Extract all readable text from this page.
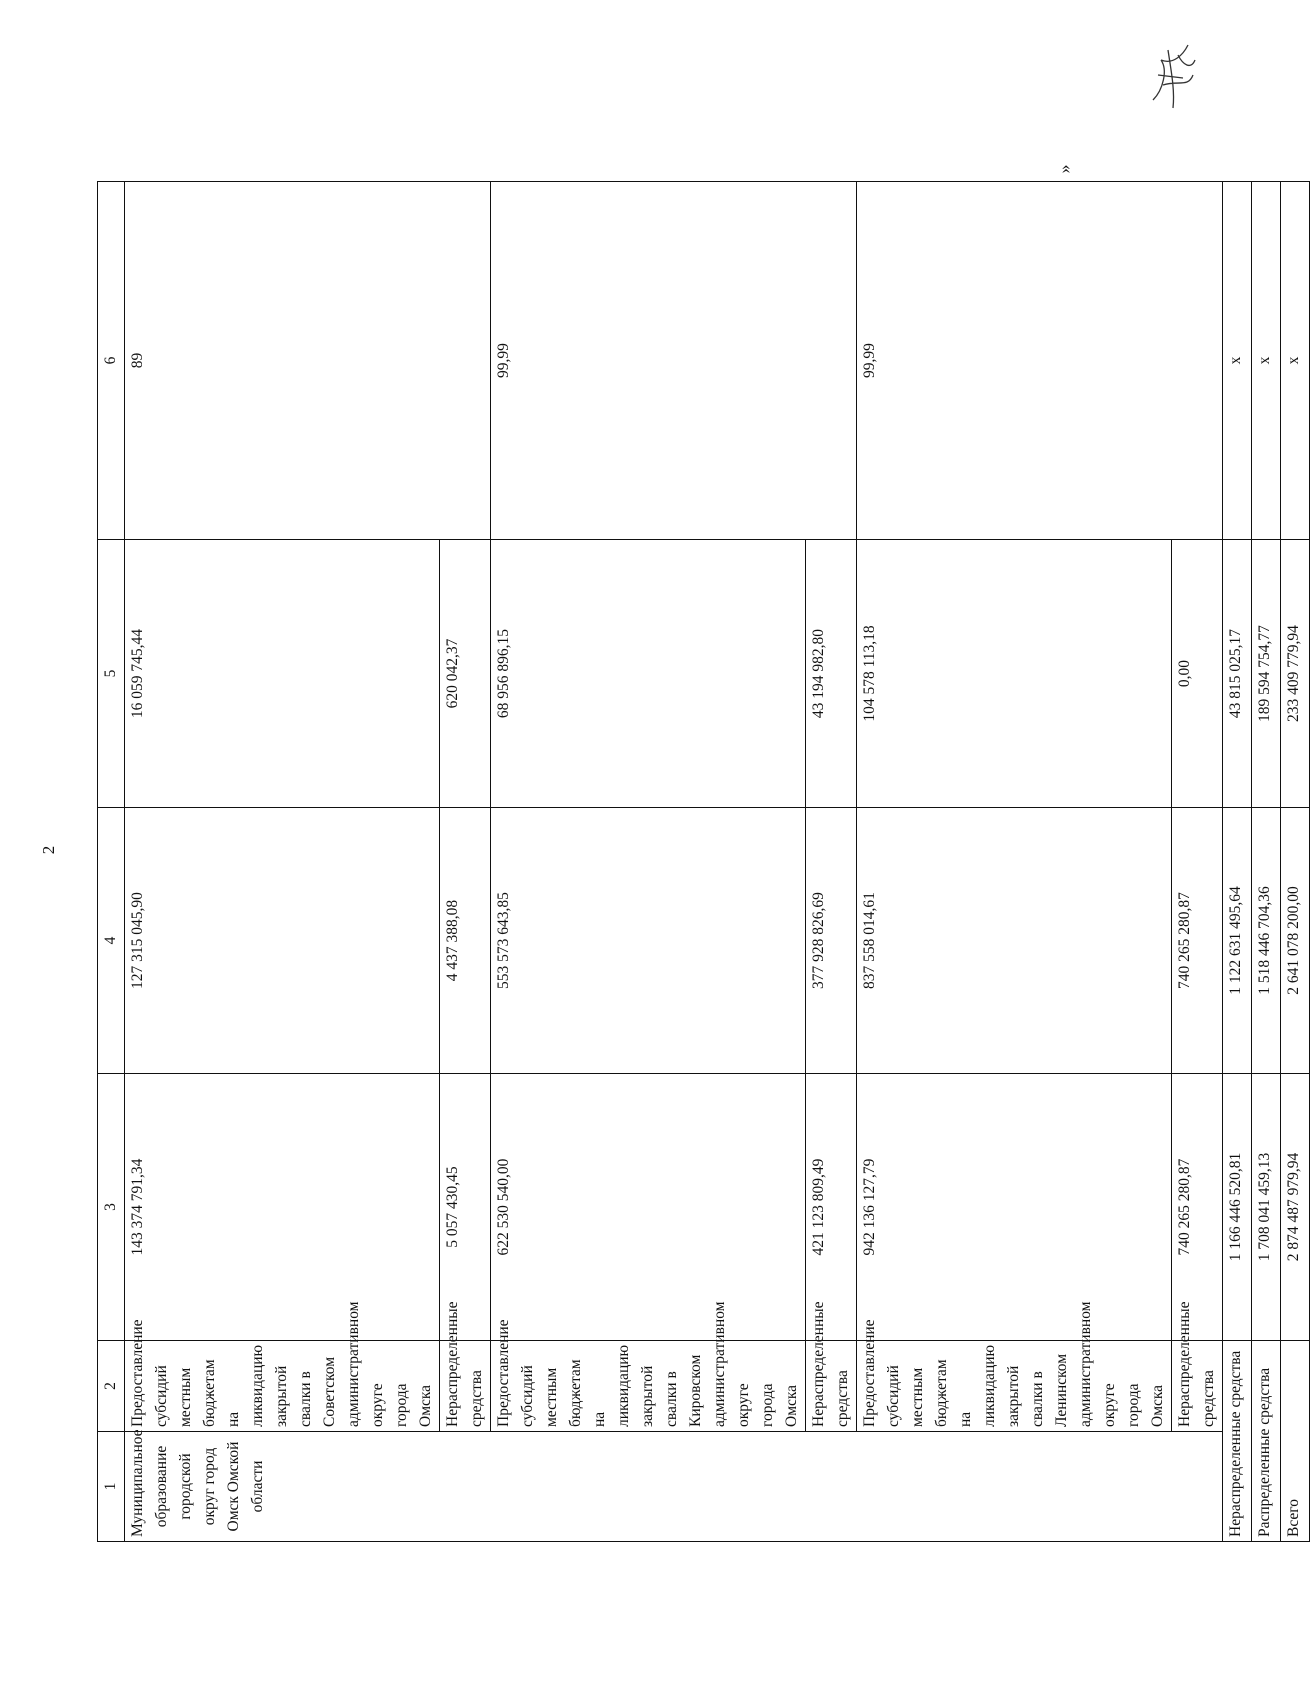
2
»
1	2	3	4	5	6
Муниципальное образование городской округ город Омск Омской области	Предоставление субсидий местным бюджетам на ликвидацию закрытой свалки в Советском административном округе города Омска	143 374 791,34	127 315 045,90	16 059 745,44	89
	Нераспределенные средства	5 057 430,45	4 437 388,08	620 042,37	
	Предоставление субсидий местным бюджетам на ликвидацию закрытой свалки в Кировском административном округе города Омска	622 530 540,00	553 573 643,85	68 956 896,15	99,99
	Нераспределенные средства	421 123 809,49	377 928 826,69	43 194 982,80	
	Предоставление субсидий местным бюджетам на ликвидацию закрытой свалки в Ленинском административном округе города Омска	942 136 127,79	837 558 014,61	104 578 113,18	99,99
	Нераспределенные средства	740 265 280,87	740 265 280,87	0,00	
Нераспределенные средства		1 166 446 520,81	1 122 631 495,64	43 815 025,17	x
Распределенные средства		1 708 041 459,13	1 518 446 704,36	189 594 754,77	x
Всего		2 874 487 979,94	2 641 078 200,00	233 409 779,94	x
